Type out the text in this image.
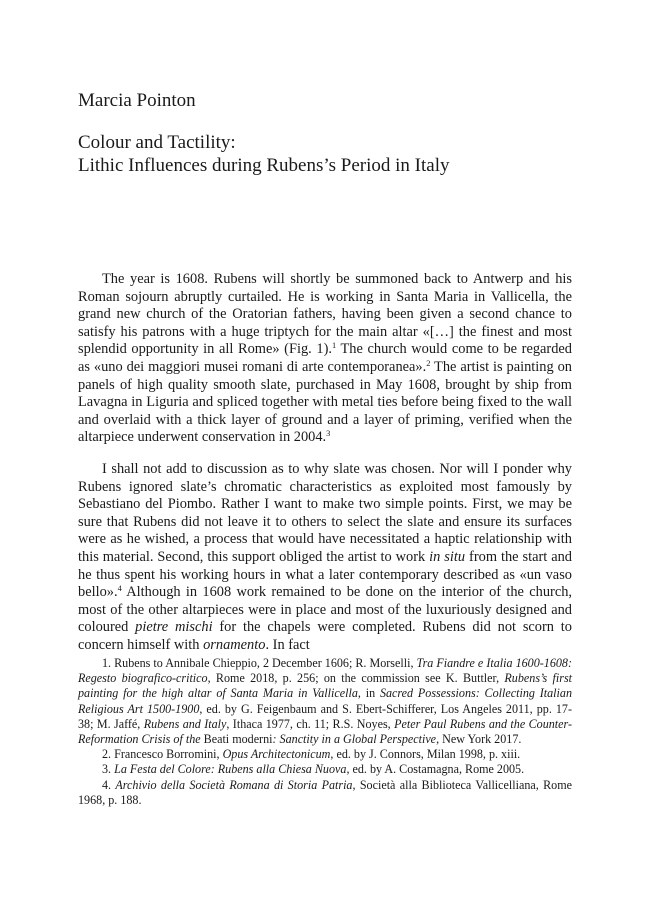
Marcia Pointon
Colour and Tactility:
Lithic Influences during Rubens’s Period in Italy

The year is 1608. Rubens will shortly be summoned back to Antwerp and his Roman sojourn abruptly curtailed. He is working in Santa Maria in Vallicella, the grand new church of the Oratorian fathers, having been given a second chance to satisfy his patrons with a huge triptych for the main altar «[…] the finest and most splendid opportunity in all Rome» (Fig. 1).$^1$ The church would come to be regarded as «uno dei maggiori musei romani di arte contemporanea».$^2$ The artist is painting on panels of high quality smooth slate, purchased in May 1608, brought by ship from Lavagna in Liguria and spliced together with metal ties before being fixed to the wall and overlaid with a thick layer of ground and a layer of priming, verified when the altarpiece underwent conservation in 2004.$^3$

I shall not add to discussion as to why slate was chosen. Nor will I ponder why Rubens ignored slate’s chromatic characteristics as exploited most famously by Sebastiano del Piombo. Rather I want to make two simple points. First, we may be sure that Rubens did not leave it to others to select the slate and ensure its surfaces were as he wished, a process that would have necessitated a haptic relationship with this material. Second, this support obliged the artist to work in situ from the start and he thus spent his working hours in what a later contemporary described as «un vaso bello».$^4$ Although in 1608 work remained to be done on the interior of the church, most of the other altarpieces were in place and most of the luxuriously designed and coloured pietre mischi for the chapels were completed. Rubens did not scorn to concern himself with ornamento. In fact

1. Rubens to Annibale Chieppio, 2 December 1606; R. Morselli, Tra Fiandre e Italia 1600-1608: Regesto biografico-critico, Rome 2018, p. 256; on the commission see K. Buttler, Rubens’s first painting for the high altar of Santa Maria in Vallicella, in Sacred Possessions: Collecting Italian Religious Art 1500-1900, ed. by G. Feigenbaum and S. Ebert-Schifferer, Los Angeles 2011, pp. 17-38; M. Jaffé, Rubens and Italy, Ithaca 1977, ch. 11; R.S. Noyes, Peter Paul Rubens and the Counter-Reformation Crisis of the Beati moderni: Sanctity in a Global Perspective, New York 2017.

2. Francesco Borromini, Opus Architectonicum, ed. by J. Connors, Milan 1998, p. xiii.

3. La Festa del Colore: Rubens alla Chiesa Nuova, ed. by A. Costamagna, Rome 2005.

4. Archivio della Società Romana di Storia Patria, Società alla Biblioteca Vallicelliana, Rome 1968, p. 188.
